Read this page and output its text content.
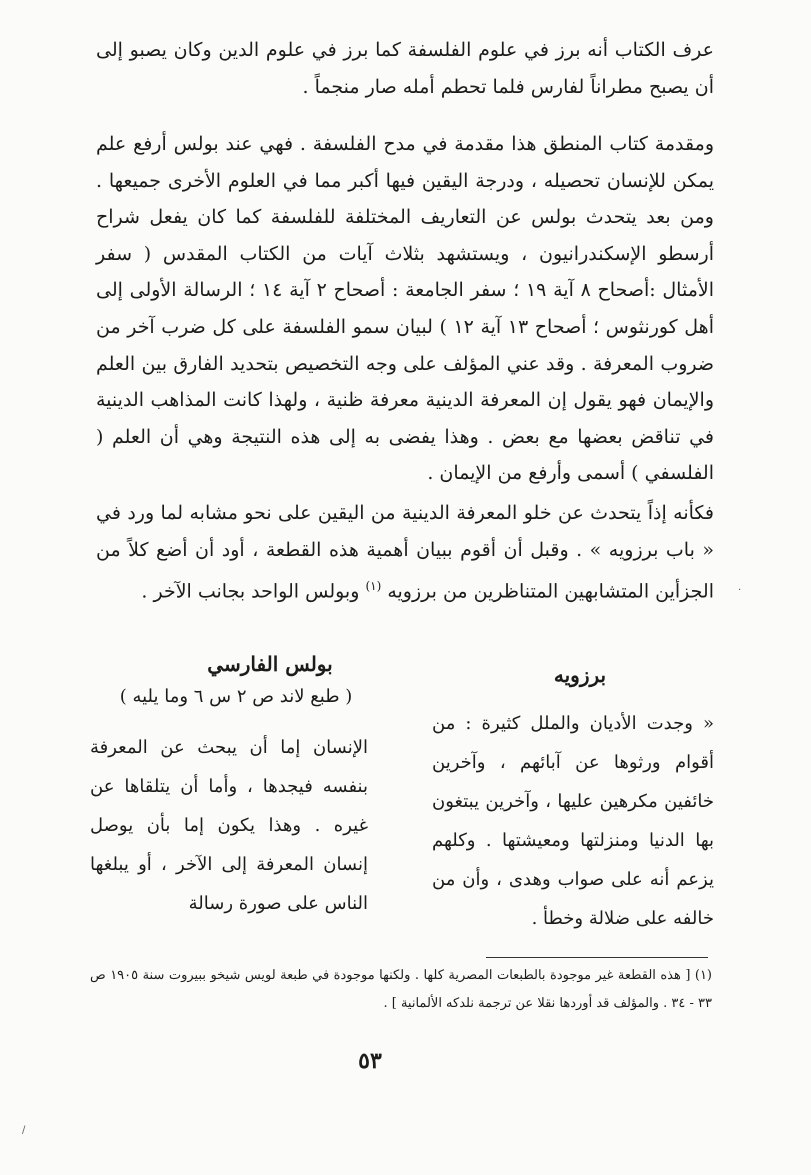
عرف الكتاب أنه برز في علوم الفلسفة كما برز في علوم الدين وكان يصبو إلى أن يصبح مطراناً لفارس فلما تحطم أمله صار منجماً .

ومقدمة كتاب المنطق هذا مقدمة في مدح الفلسفة . فهي عند بولس أرفع علم يمكن للإنسان تحصيله ، ودرجة اليقين فيها أكبر مما في العلوم الأخرى جميعها . ومن بعد يتحدث بولس عن التعاريف المختلفة للفلسفة كما كان يفعل شراح أرسطو الإسكندرانيون ، ويستشهد بثلاث آيات من الكتاب المقدس ( سفر الأمثال :أصحاح ٨ آية ١٩ ؛ سفر الجامعة : أصحاح ٢ آية ١٤ ؛ الرسالة الأولى إلى أهل كورنثوس ؛ أصحاح ١٣ آية ١٢ ) لبيان سمو الفلسفة على كل ضرب آخر من ضروب المعرفة . وقد عني المؤلف على وجه التخصيص بتحديد الفارق بين العلم والإيمان فهو يقول إن المعرفة الدينية معرفة ظنية ، ولهذا كانت المذاهب الدينية في تناقض بعضها مع بعض . وهذا يفضى به إلى هذه النتيجة وهي أن العلم ( الفلسفي ) أسمى وأرفع من الإيمان .

فكأنه إذاً يتحدث عن خلو المعرفة الدينية من اليقين على نحو مشابه لما ورد في « باب برزويه » . وقبل أن أقوم ببيان أهمية هذه القطعة ، أود أن أضع كلاً من الجزأين المتشابهين المتناظرين من برزويه $^{(١)}$ وبولس الواحد بجانب الآخر .

بولس الفارسي

( طبع لاند ص ٢ س ٦ وما يليه )

الإنسان إما أن يبحث عن المعرفة بنفسه فيجدها ، وأما أن يتلقاها عن غيره . وهذا يكون إما بأن يوصل إنسان المعرفة إلى الآخر ، أو يبلغها الناس على صورة رسالة

برزويه

« وجدت الأديان والملل كثيرة : من أقوام ورثوها عن آبائهم ، وآخرين خائفين مكرهين عليها ، وآخرين يبتغون بها الدنيا ومنزلتها ومعيشتها . وكلهم يزعم أنه على صواب وهدى ، وأن من خالفه على ضلالة وخطأ .

(١) [ هذه القطعة غير موجودة بالطبعات المصرية كلها . ولكنها موجودة في طبعة لويس شيخو ببيروت سنة ١٩٠٥ ص ٣٣ - ٣٤ . والمؤلف قد أوردها نقلا عن ترجمة نلدكه الألمانية ] .

٥٣

·
/
